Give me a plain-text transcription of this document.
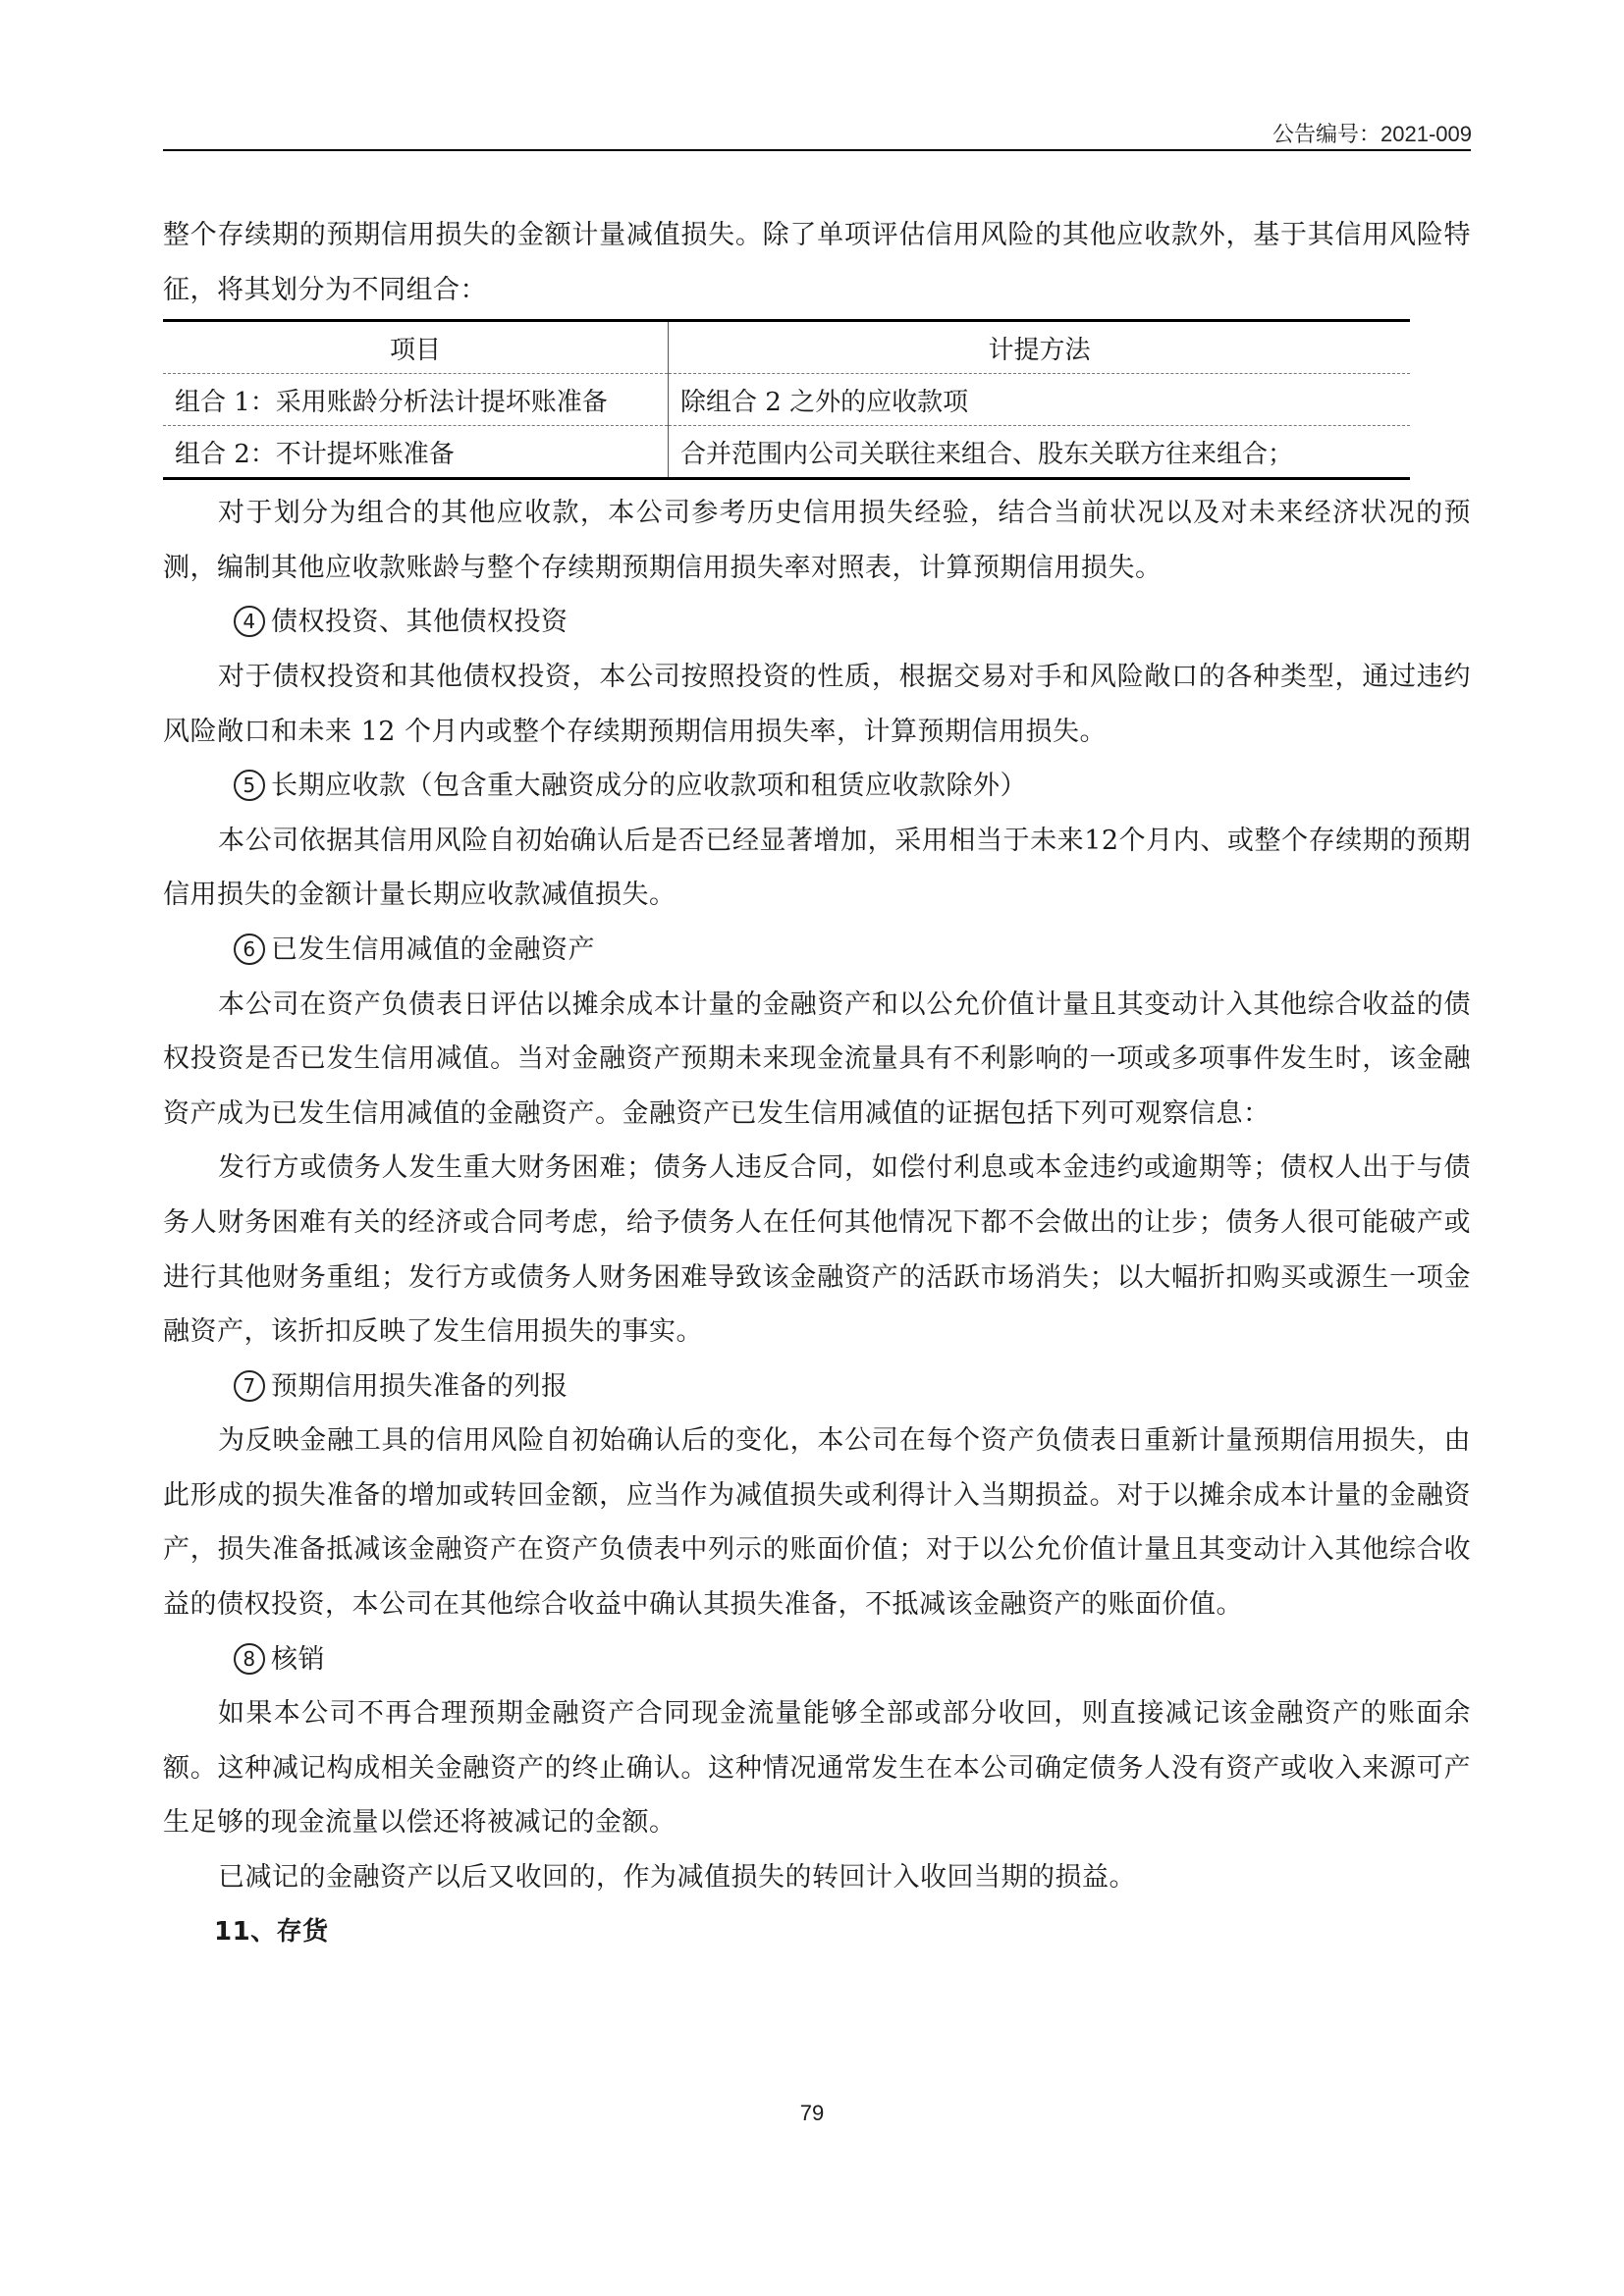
公告编号：2021-009

整个存续期的预期信用损失的金额计量减值损失。除了单项评估信用风险的其他应收款外，基于其信用风险特征，将其划分为不同组合：

项目	计提方法
组合 1：采用账龄分析法计提坏账准备	除组合 2 之外的应收款项
组合 2：不计提坏账准备	合并范围内公司关联往来组合、股东关联方往来组合；

对于划分为组合的其他应收款，本公司参考历史信用损失经验，结合当前状况以及对未来经济状况的预测，编制其他应收款账龄与整个存续期预期信用损失率对照表，计算预期信用损失。

4 债权投资、其他债权投资

对于债权投资和其他债权投资，本公司按照投资的性质，根据交易对手和风险敞口的各种类型，通过违约风险敞口和未来 12 个月内或整个存续期预期信用损失率，计算预期信用损失。

5 长期应收款（包含重大融资成分的应收款项和租赁应收款除外）

本公司依据其信用风险自初始确认后是否已经显著增加，采用相当于未来12个月内、或整个存续期的预期信用损失的金额计量长期应收款减值损失。

6 已发生信用减值的金融资产

本公司在资产负债表日评估以摊余成本计量的金融资产和以公允价值计量且其变动计入其他综合收益的债权投资是否已发生信用减值。当对金融资产预期未来现金流量具有不利影响的一项或多项事件发生时，该金融资产成为已发生信用减值的金融资产。金融资产已发生信用减值的证据包括下列可观察信息：

发行方或债务人发生重大财务困难；债务人违反合同，如偿付利息或本金违约或逾期等；债权人出于与债务人财务困难有关的经济或合同考虑，给予债务人在任何其他情况下都不会做出的让步；债务人很可能破产或进行其他财务重组；发行方或债务人财务困难导致该金融资产的活跃市场消失；以大幅折扣购买或源生一项金融资产，该折扣反映了发生信用损失的事实。

7 预期信用损失准备的列报

为反映金融工具的信用风险自初始确认后的变化，本公司在每个资产负债表日重新计量预期信用损失，由此形成的损失准备的增加或转回金额，应当作为减值损失或利得计入当期损益。对于以摊余成本计量的金融资产，损失准备抵减该金融资产在资产负债表中列示的账面价值；对于以公允价值计量且其变动计入其他综合收益的债权投资，本公司在其他综合收益中确认其损失准备，不抵减该金融资产的账面价值。

8 核销

如果本公司不再合理预期金融资产合同现金流量能够全部或部分收回，则直接减记该金融资产的账面余额。这种减记构成相关金融资产的终止确认。这种情况通常发生在本公司确定债务人没有资产或收入来源可产生足够的现金流量以偿还将被减记的金额。

已减记的金融资产以后又收回的，作为减值损失的转回计入收回当期的损益。

11、存货

79
